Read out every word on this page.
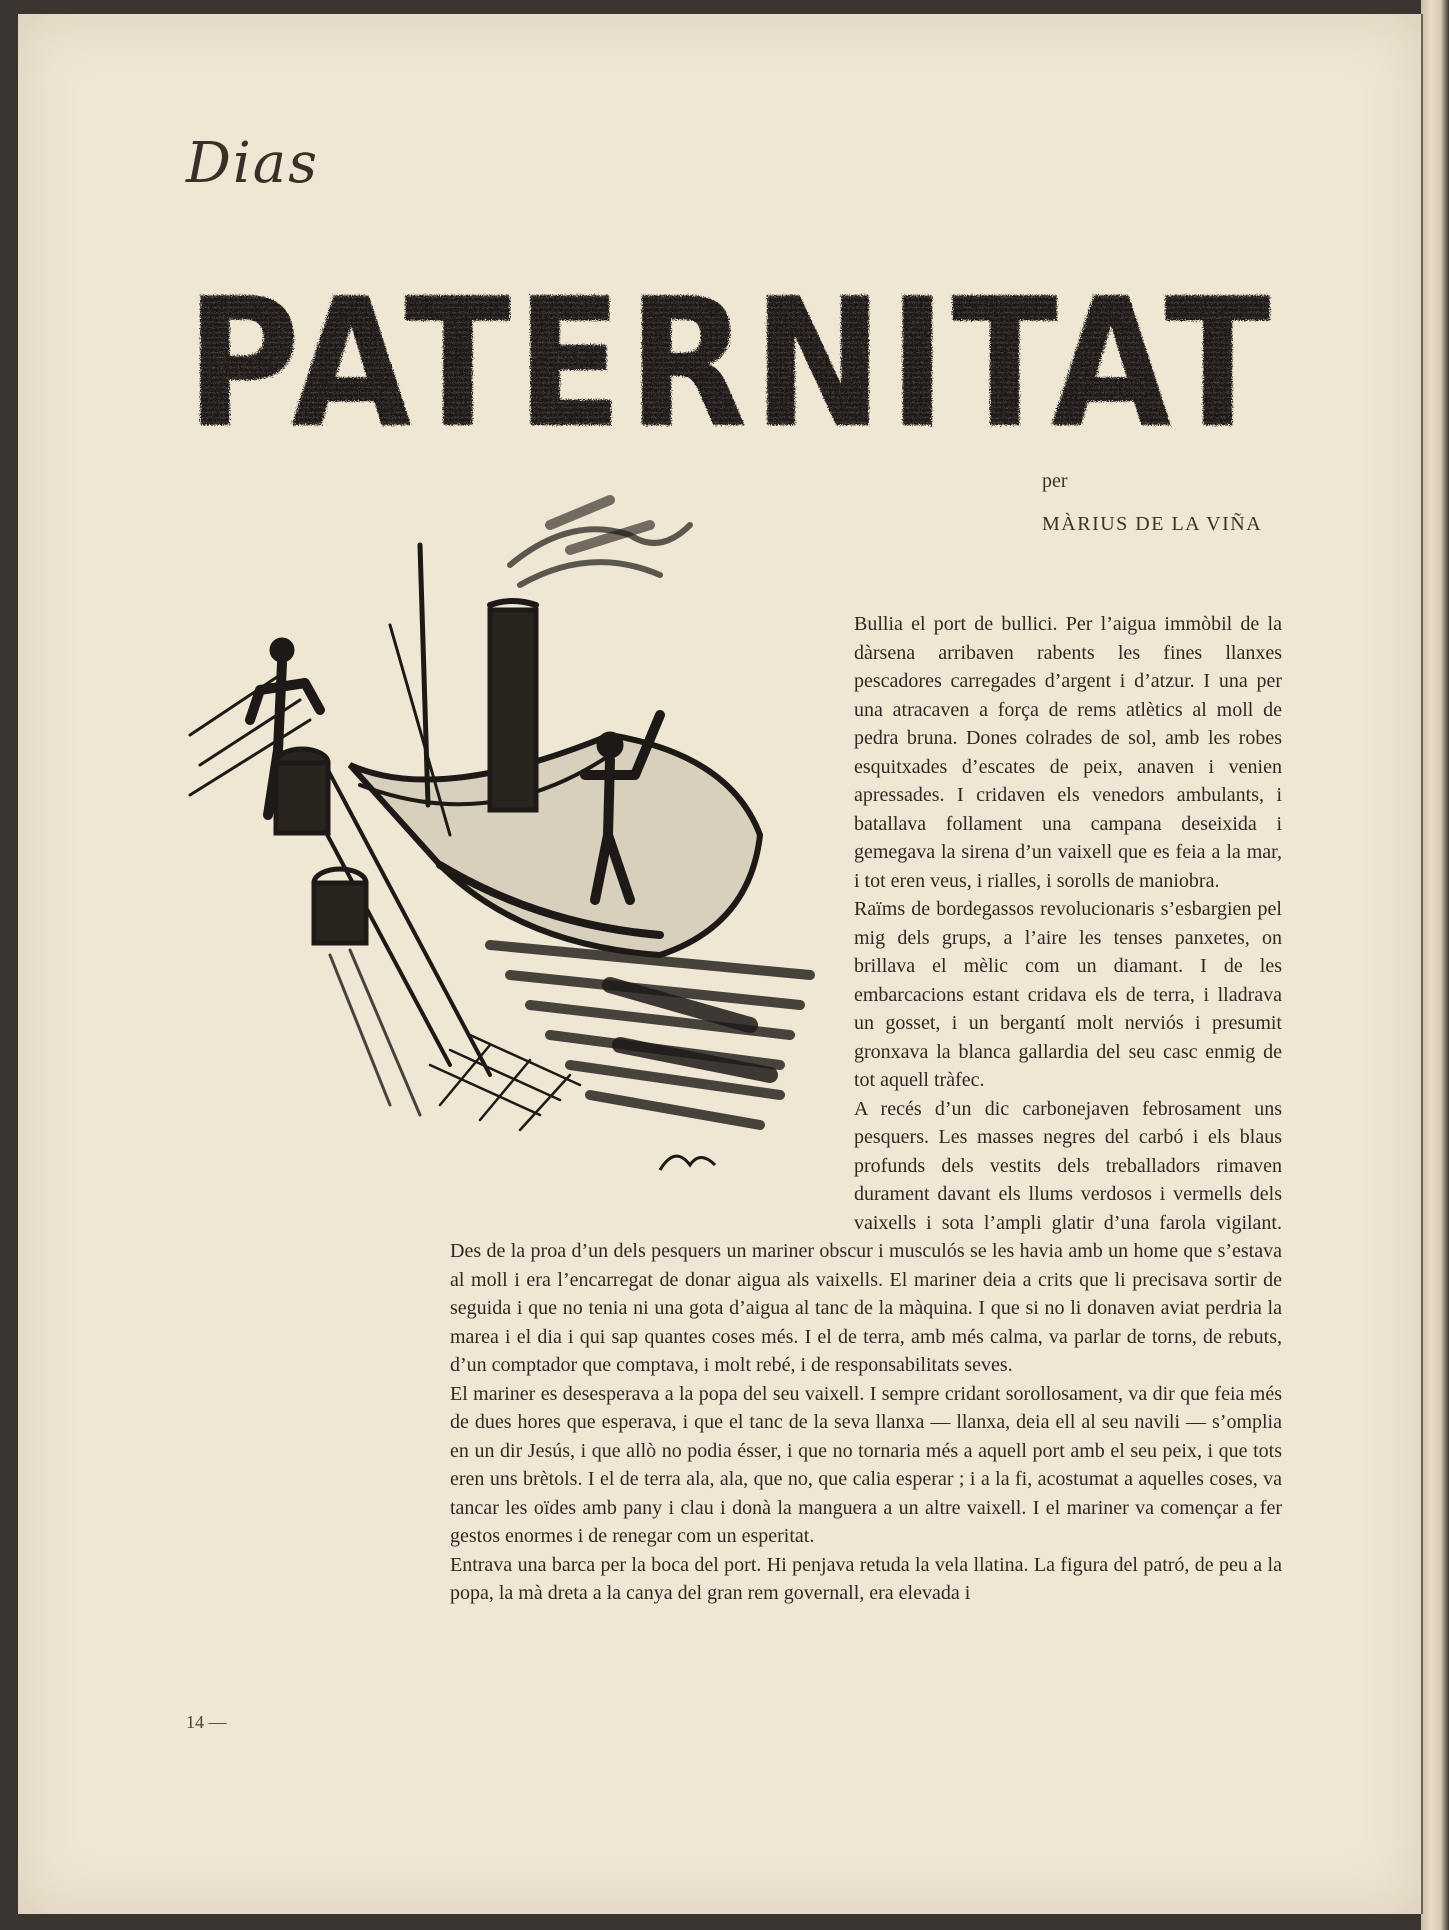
Dias
PATERNITAT

per

MÀRIUS DE LA VIÑA

Bullia el port de bullici. Per l’aigua immòbil de la dàrsena arribaven rabents les fines llanxes pescadores carregades d’argent i d’atzur. I una per una atracaven a força de rems atlètics al moll de pedra bruna. Dones colrades de sol, amb les robes esquitxades d’escates de peix, anaven i venien apressades. I cridaven els venedors ambulants, i batallava follament una campana deseixida i gemegava la sirena d’un vaixell que es feia a la mar, i tot eren veus, i rialles, i sorolls de maniobra.

Raïms de bordegassos revolucionaris s’esbargien pel mig dels grups, a l’aire les tenses panxetes, on brillava el mèlic com un diamant. I de les embarcacions estant cridava els de terra, i lladrava un gosset, i un bergantí molt nerviós i presumit gronxava la blanca gallardia del seu casc enmig de tot aquell tràfec.

A recés d’un dic carbonejaven febrosament uns pesquers. Les masses negres del carbó i els blaus profunds dels vestits dels treballadors rimaven durament davant els llums verdosos i vermells dels vaixells i sota l’ampli glatir d’una farola vigilant. Des de la proa d’un dels pesquers un mariner obscur i musculós se les havia amb un home que s’estava al moll i era l’encarregat de donar aigua als vaixells. El mariner deia a crits que li precisava sortir de seguida i que no tenia ni una gota d’aigua al tanc de la màquina. I que si no li donaven aviat perdria la marea i el dia i qui sap quantes coses més. I el de terra, amb més calma, va parlar de torns, de rebuts, d’un comptador que comptava, i molt rebé, i de responsabilitats seves.

El mariner es desesperava a la popa del seu vaixell. I sempre cridant sorollosament, va dir que feia més de dues hores que esperava, i que el tanc de la seva llanxa — llanxa, deia ell al seu navili — s’omplia en un dir Jesús, i que allò no podia ésser, i que no tornaria més a aquell port amb el seu peix, i que tots eren uns brètols. I el de terra ala, ala, que no, que calia esperar ; i a la fi, acostumat a aquelles coses, va tancar les oïdes amb pany i clau i donà la manguera a un altre vaixell. I el mariner va començar a fer gestos enormes i de renegar com un esperitat.

Entrava una barca per la boca del port. Hi penjava retuda la vela llatina. La figura del patró, de peu a la popa, la mà dreta a la canya del gran rem governall, era elevada i

14 —
